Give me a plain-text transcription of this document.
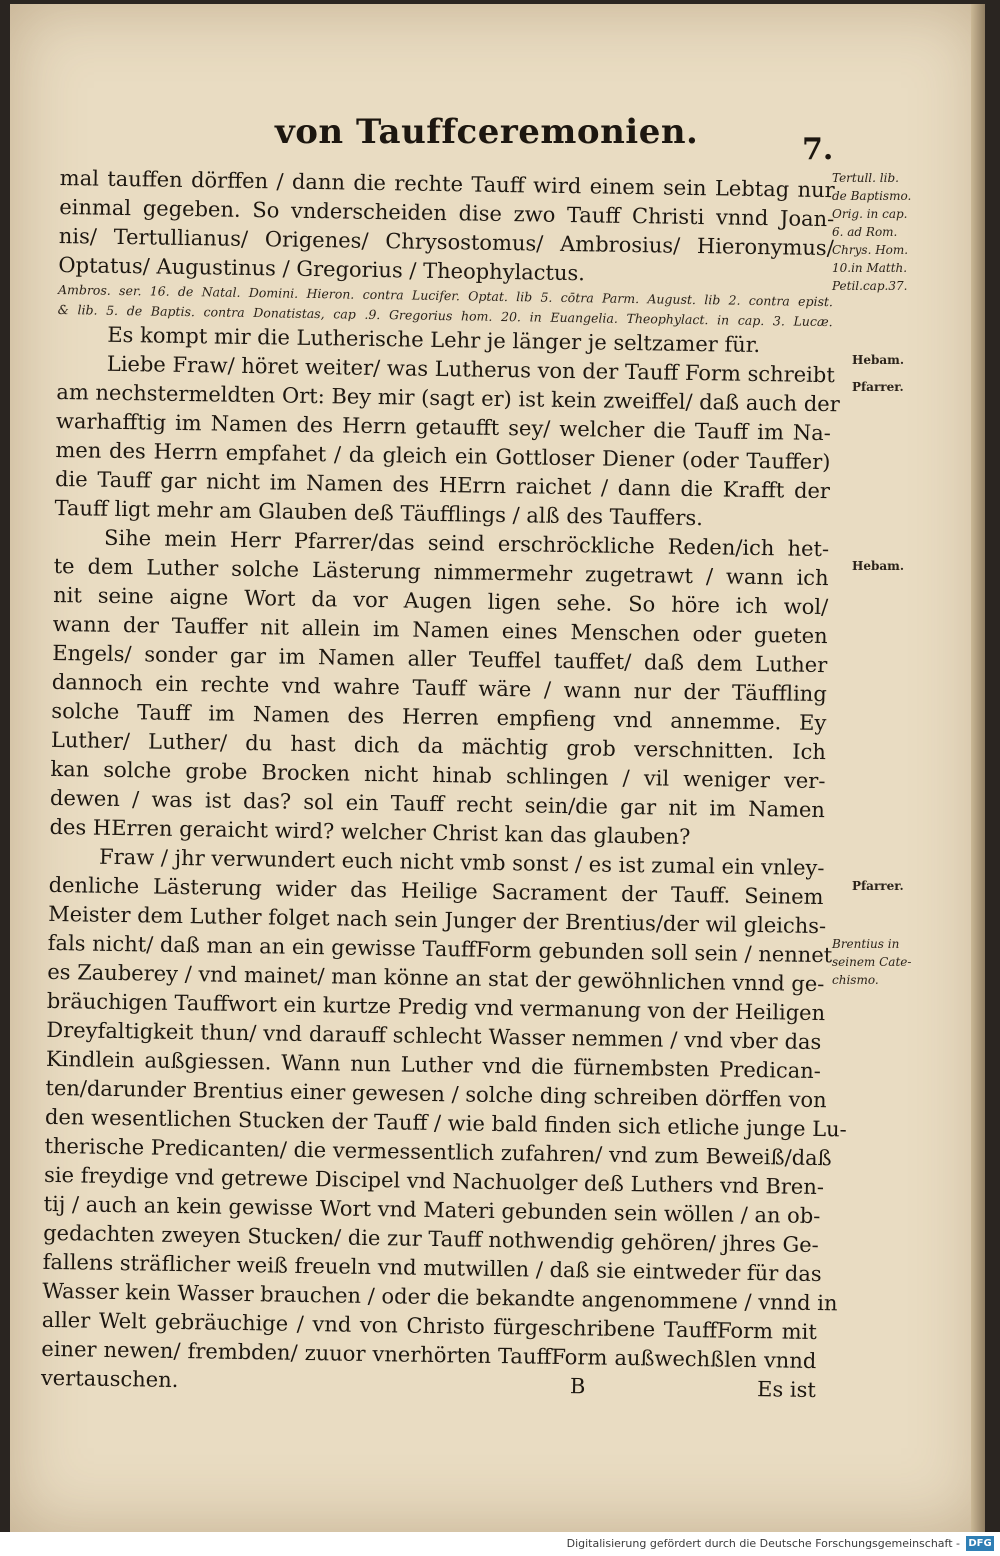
von Tauffceremonien.	7.
mal tauffen dörffen / dann die rechte Tauff wird einem sein Lebtag nur
einmal gegeben. So vnderscheiden dise zwo Tauff Christi vnnd Joan-
nis/ Tertullianus/ Origenes/ Chrysostomus/ Ambrosius/ Hieronymus/
Optatus/ Augustinus / Gregorius / Theophylactus.
Ambros. ser. 16. de Natal. Domini. Hieron. contra Lucifer. Optat. lib 5. cōtra Parm. August. lib 2. contra epist.
& lib. 5. de Baptis. contra Donatistas, cap .9. Gregorius hom. 20. in Euangelia. Theophylact. in cap. 3. Lucæ.
Es kompt mir die Lutherische Lehr je länger je seltzamer für.
Liebe Fraw/ höret weiter/ was Lutherus von der Tauff Form schreibt
am nechstermeldten Ort: Bey mir (sagt er) ist kein zweiffel/ daß auch der
warhafftig im Namen des Herrn getaufft sey/ welcher die Tauff im Na-
men des Herrn empfahet / da gleich ein Gottloser Diener (oder Tauffer)
die Tauff gar nicht im Namen des HErrn raichet / dann die Krafft der
Tauff ligt mehr am Glauben deß Täufflings / alß des Tauffers.
Sihe mein Herr Pfarrer/das seind erschröckliche Reden/ich het-
te dem Luther solche Lästerung nimmermehr zugetrawt / wann ich
nit seine aigne Wort da vor Augen ligen sehe. So höre ich wol/
wann der Tauffer nit allein im Namen eines Menschen oder gueten
Engels/ sonder gar im Namen aller Teuffel tauffet/ daß dem Luther
dannoch ein rechte vnd wahre Tauff wäre / wann nur der Täuffling
solche Tauff im Namen des Herren empfieng vnd annemme. Ey
Luther/ Luther/ du hast dich da mächtig grob verschnitten. Ich
kan solche grobe Brocken nicht hinab schlingen / vil weniger ver-
dewen / was ist das? sol ein Tauff recht sein/die gar nit im Namen
des HErren geraicht wird? welcher Christ kan das glauben?
Fraw / jhr verwundert euch nicht vmb sonst / es ist zumal ein vnley-
denliche Lästerung wider das Heilige Sacrament der Tauff. Seinem
Meister dem Luther folget nach sein Junger der Brentius/der wil gleichs-
fals nicht/ daß man an ein gewisse TauffForm gebunden soll sein / nennet
es Zauberey / vnd mainet/ man könne an stat der gewöhnlichen vnnd ge-
bräuchigen Tauffwort ein kurtze Predig vnd vermanung von der Heiligen
Dreyfaltigkeit thun/ vnd darauff schlecht Wasser nemmen / vnd vber das
Kindlein außgiessen. Wann nun Luther vnd die fürnembsten Predican-
ten/darunder Brentius einer gewesen / solche ding schreiben dörffen von
den wesentlichen Stucken der Tauff / wie bald finden sich etliche junge Lu-
therische Predicanten/ die vermessentlich zufahren/ vnd zum Beweiß/daß
sie freydige vnd getrewe Discipel vnd Nachuolger deß Luthers vnd Bren-
tij / auch an kein gewisse Wort vnd Materi gebunden sein wöllen / an ob-
gedachten zweyen Stucken/ die zur Tauff nothwendig gehören/ jhres Ge-
fallens sträflicher weiß freueln vnd mutwillen / daß sie eintweder für das
Wasser kein Wasser brauchen / oder die bekandte angenommene / vnnd in
aller Welt gebräuchige / vnd von Christo fürgeschribene TauffForm mit
einer newen/ frembden/ zuuor vnerhörten TauffForm außwechßlen vnnd
vertauschen.	B	Es ist
Tertull. lib.
de Baptismo.
Orig. in cap.
6. ad Rom.
Chrys. Hom.
10.in Matth.
Petil.cap.37.
Hebam.
Pfarrer.
Hebam.
Pfarrer.
Brentius in
seinem Cate-
chismo.
Digitalisierung gefördert durch die Deutsche Forschungsgemeinschaft - DFG
